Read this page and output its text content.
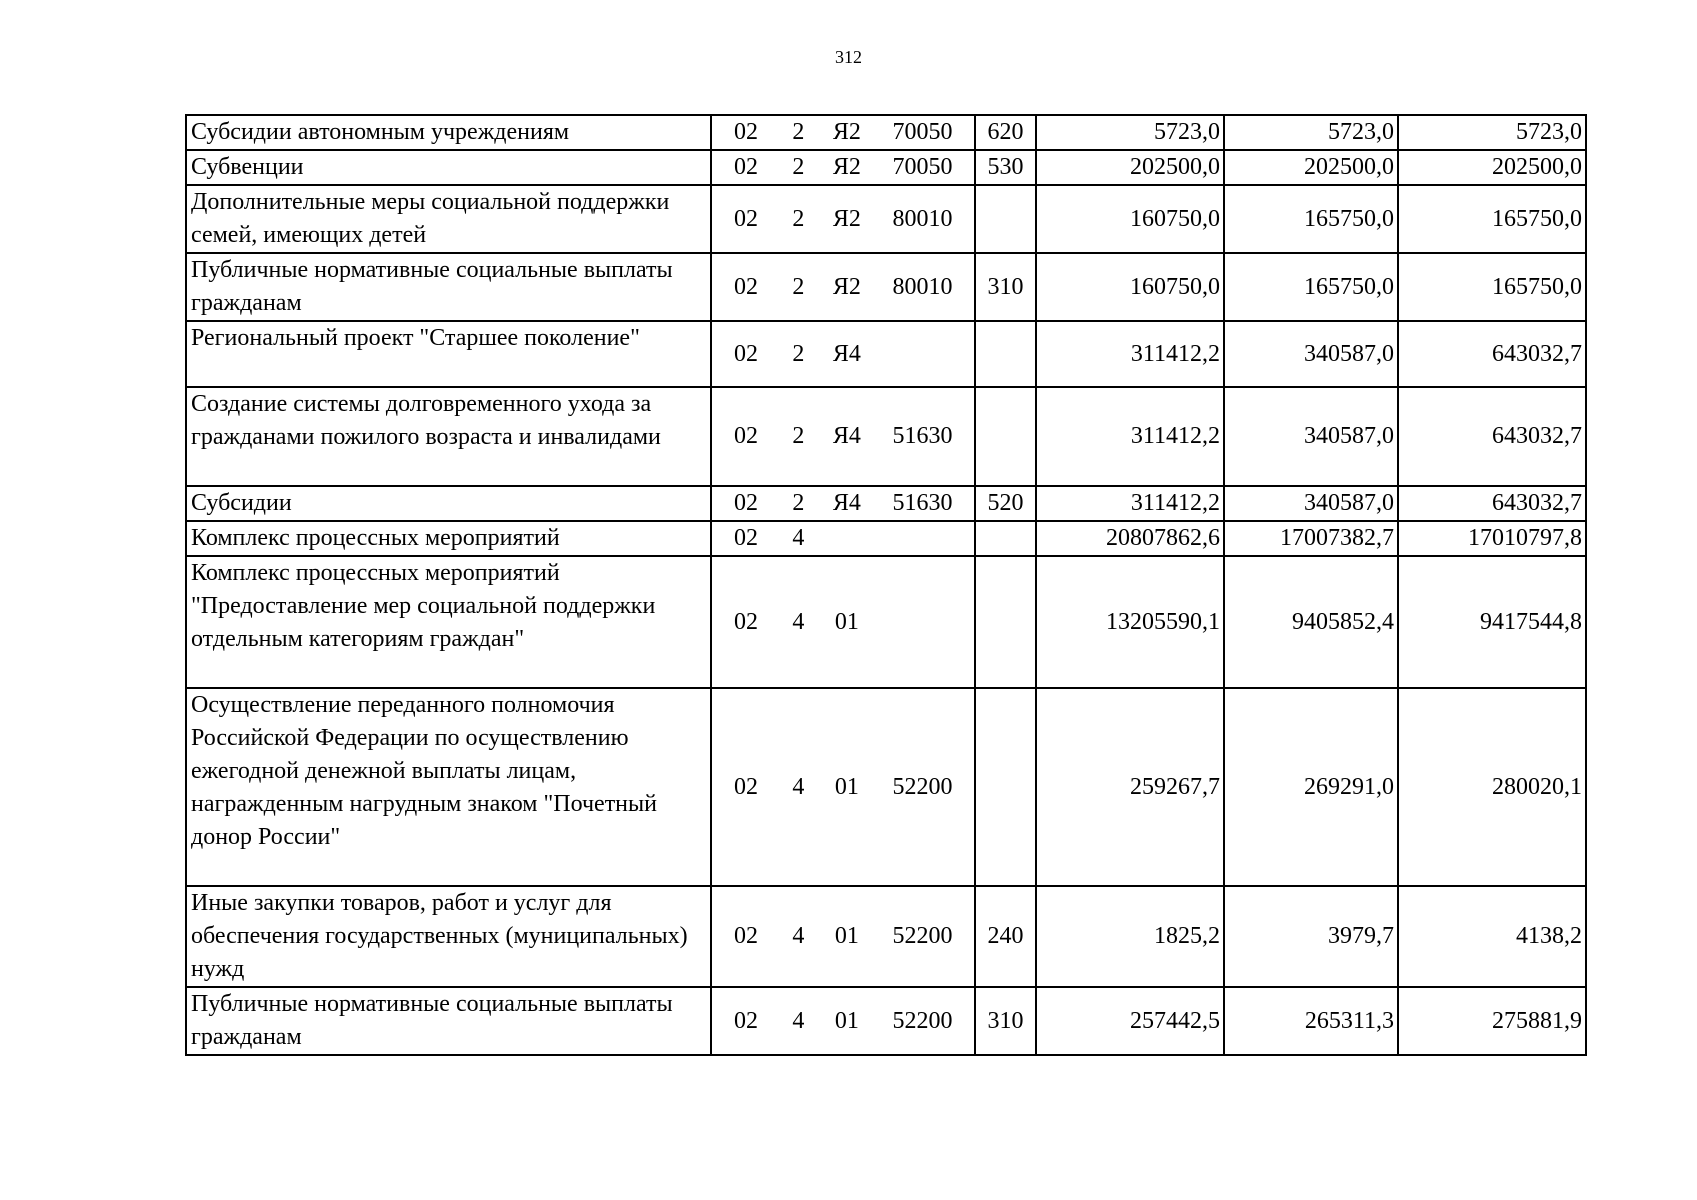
312
Субсидии автономным учреждениям	02 2 Я2 70050	620	5723,0	5723,0	5723,0
Субвенции	02 2 Я2 70050	530	202500,0	202500,0	202500,0
Дополнительные меры социальной поддержки семей, имеющих детей	02 2 Я2 80010		160750,0	165750,0	165750,0
Публичные нормативные социальные выплаты гражданам	02 2 Я2 80010	310	160750,0	165750,0	165750,0
Региональный проект "Старшее поколение"	02 2 Я4		311412,2	340587,0	643032,7
Создание системы долговременного ухода за гражданами пожилого возраста и инвалидами	02 2 Я4 51630		311412,2	340587,0	643032,7
Субсидии	02 2 Я4 51630	520	311412,2	340587,0	643032,7
Комплекс процессных мероприятий	02 4		20807862,6	17007382,7	17010797,8
Комплекс процессных мероприятий "Предоставление мер социальной поддержки отдельным категориям граждан"	02 4 01		13205590,1	9405852,4	9417544,8
Осуществление переданного полномочия Российской Федерации по осуществлению ежегодной денежной выплаты лицам, награжденным нагрудным знаком "Почетный донор России"	02 4 01 52200		259267,7	269291,0	280020,1
Иные закупки товаров, работ и услуг для обеспечения государственных (муниципальных) нужд	02 4 01 52200	240	1825,2	3979,7	4138,2
Публичные нормативные социальные выплаты гражданам	02 4 01 52200	310	257442,5	265311,3	275881,9
